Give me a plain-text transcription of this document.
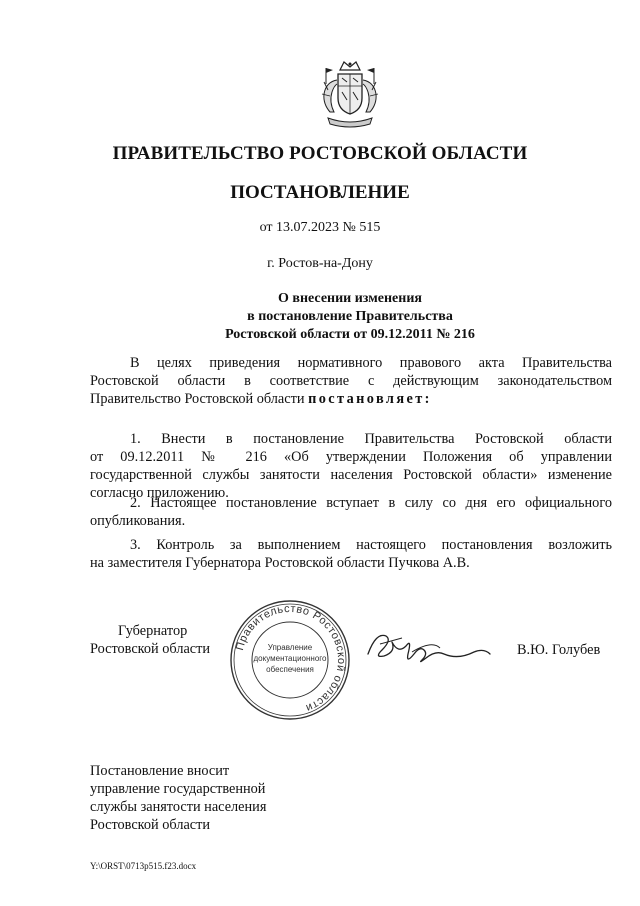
ПРАВИТЕЛЬСТВО РОСТОВСКОЙ ОБЛАСТИ
ПОСТАНОВЛЕНИЕ
от 13.07.2023 № 515
г. Ростов-на-Дону
О внесении изменения
в постановление Правительства
Ростовской области от 09.12.2011 № 216
В целях приведения нормативного правового акта Правительства
Ростовской области в соответствие с действующим законодательством
Правительство Ростовской области постановляет:
1. Внести в постановление Правительства Ростовской области
от 09.12.2011 № 216 «Об утверждении Положения об управлении
государственной службы занятости населения Ростовской области» изменение
согласно приложению.
2. Настоящее постановление вступает в силу со дня его официального
опубликования.
3. Контроль за выполнением настоящего постановления возложить
на заместителя Губернатора Ростовской области Пучкова А.В.
Губернатор
Ростовской области Правительство Ростовской области
Управление
документационного
обеспечения
В.Ю. Голубев
Постановление вносит
управление государственной
службы занятости населения
Ростовской области
Y:\ORST\0713p515.f23.docx
